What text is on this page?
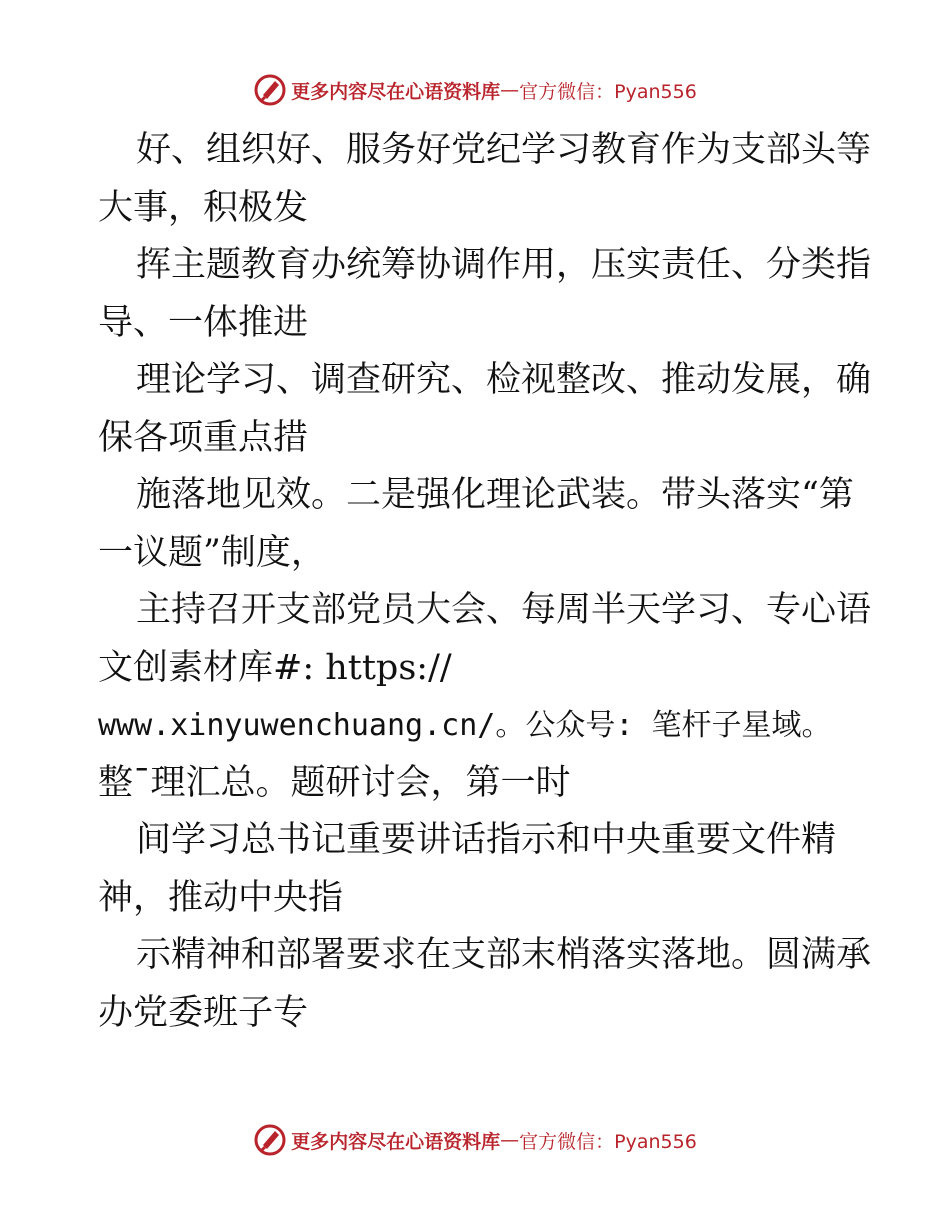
更多内容尽在心语资料库 — 官方微信：Pyan556
好、组织好、服务好党纪学习教育作为支部头等
大事，积极发
挥主题教育办统筹协调作用，压实责任、分类指
导、一体推进
理论学习、调查研究、检视整改、推动发展，确
保各项重点措
施落地见效。二是强化理论武装。带头落实“第
一议题”制度，
主持召开支部党员大会、每周半天学习、专心语
文创素材库#: https://
www.xinyuwenchuang.cn/。公众号: 笔杆子星域。
整¯理汇总。题研讨会，第一时
间学习总书记重要讲话指示和中央重要文件精
神，推动中央指
示精神和部署要求在支部末梢落实落地。圆满承
办党委班子专
更多内容尽在心语资料库 — 官方微信：Pyan556
